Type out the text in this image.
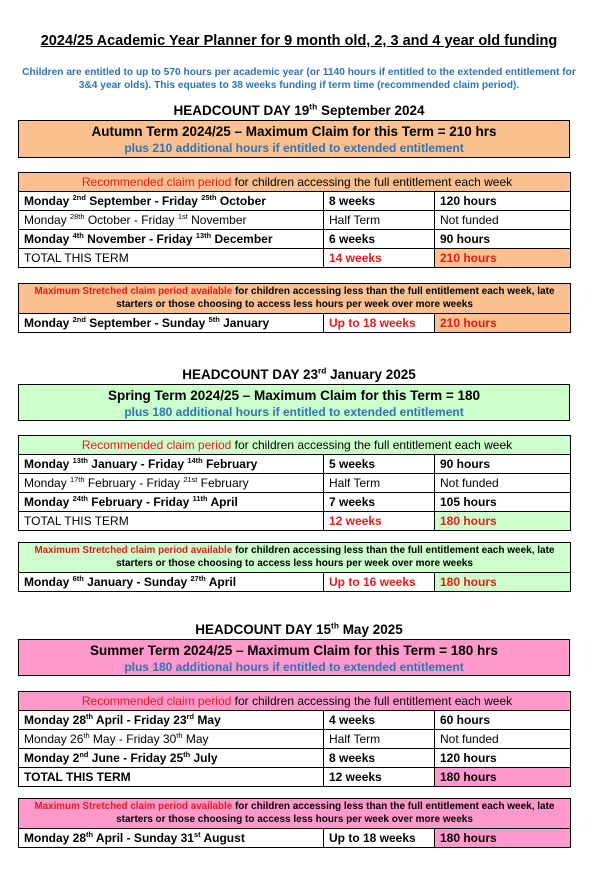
2024/25 Academic Year Planner for 9 month old, 2, 3 and 4 year old funding
Children are entitled to up to 570 hours per academic year (or 1140 hours if entitled to the extended entitlement for 3&4 year olds). This equates to 38 weeks funding if term time (recommended claim period).
HEADCOUNT DAY 19th September 2024
Autumn Term 2024/25 – Maximum Claim for this Term = 210 hrs
plus 210 additional hours if entitled to extended entitlement
Recommended claim period for children accessing the full entitlement each week		
Monday $^{2nd}$ September - Friday $^{25th}$ October	8 weeks	120 hours
Monday $^{28th}$ October - Friday $^{1st}$ November	Half Term	Not funded
Monday $^{4th}$ November - Friday $^{13th}$ December	6 weeks	90 hours
TOTAL THIS TERM	14 weeks	210 hours
Maximum Stretched claim period available for children accessing less than the full entitlement each week, late starters or those choosing to access less hours per week over more weeks
Monday $^{2nd}$ September - Sunday $^{5th}$ January	Up to 18 weeks	210 hours
HEADCOUNT DAY 23rd January 2025
Spring Term 2024/25 – Maximum Claim for this Term = 180
plus 180 additional hours if entitled to extended entitlement
Recommended claim period for children accessing the full entitlement each week		
Monday $^{13th}$ January - Friday $^{14th}$ February	5 weeks	90 hours
Monday $^{17th}$ February - Friday $^{21st}$ February	Half Term	Not funded
Monday $^{24th}$ February - Friday $^{11th}$ April	7 weeks	105 hours
TOTAL THIS TERM	12 weeks	180 hours
Maximum Stretched claim period available for children accessing less than the full entitlement each week, late starters or those choosing to access less hours per week over more weeks
Monday $^{6th}$ January - Sunday $^{27th}$ April	Up to 16 weeks	180 hours
HEADCOUNT DAY 15th May 2025
Summer Term 2024/25 – Maximum Claim for this Term = 180 hrs
plus 180 additional hours if entitled to extended entitlement
Recommended claim period for children accessing the full entitlement each week		
Monday 28th April - Friday 23rd May	4 weeks	60 hours
Monday 26th May - Friday 30th May	Half Term	Not funded
Monday 2nd June - Friday 25th July	8 weeks	120 hours
TOTAL THIS TERM	12 weeks	180 hours
Maximum Stretched claim period available for children accessing less than the full entitlement each week, late starters or those choosing to access less hours per week over more weeks
Monday 28th April - Sunday 31st August	Up to 18 weeks	180 hours
